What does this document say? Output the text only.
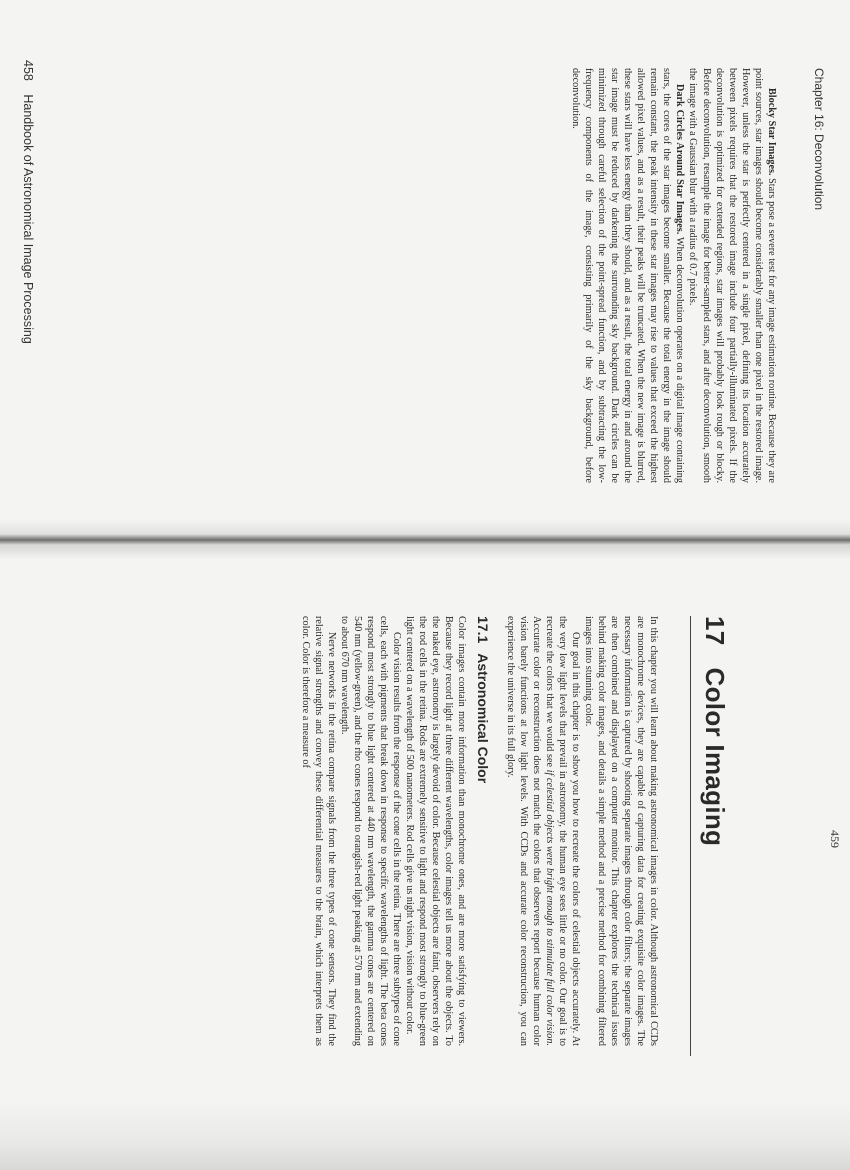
Chapter 16: Deconvolution

Blocky Star Images. Stars pose a severe test for any image estimation routine. Because they are point sources, star images should become considerably smaller than one pixel in the restored image. However, unless the star is perfectly centered in a single pixel, defining its location accurately between pixels requires that the restored image include four partially-illuminated pixels. If the deconvolution is optimized for extended regions, star images will probably look rough or blocky. Before deconvolution, resample the image for better-sampled stars, and after deconvolution, smooth the image with a Gaussian blur with a radius of 0.7 pixels.

Dark Circles Around Star Images. When deconvolution operates on a digital image containing stars, the cores of the star images become smaller. Because the total energy in the image should remain constant, the peak intensity in these star images may rise to values that exceed the highest allowed pixel values, and as a result, their peaks will be truncated. When the new image is blurred, these stars will have less energy than they should, and as a result, the total energy in and around the star image must be reduced by darkening the surrounding sky background. Dark circles can be minimized through careful selection of the point-spread function, and by subtracting the low-frequency components of the image, consisting primarily of the sky background, before deconvolution.

458 Handbook of Astronomical Image Processing
459
17Color Imaging

In this chapter you will learn about making astronomical images in color. Although astronomical CCDs are monochrome devices, they are capable of capturing data for creating exquisite color images. The necessary information is captured by shooting separate images through color filters; the separate images are then combined and displayed on a computer monitor. This chapter explores the technical issues behind making color images, and details a simple method and a precise method for combining filtered images into stunning color.

Our goal in this chapter is to show you how to recreate the colors of celestial objects accurately. At the very low light levels that prevail in astronomy, the human eye sees little or no color. Our goal is to recreate the colors that we would see if celestial objects were bright enough to stimulate full color vision. Accurate color or reconstruction does not match the colors that observers report because human color vision barely functions at low light levels. With CCDs and accurate color reconstruction, you can experience the universe in its full glory.

17.1Astronomical Color

Color images contain more information than monochrome ones, and are more satisfying to viewers. Because they record light at three different wavelengths, color images tell us more about the objects. To the naked eye, astronomy is largely devoid of color. Because celestial objects are faint, observers rely on the rod cells in the retina. Rods are extremely sensitive to light and respond most strongly to blue-green light centered on a wavelength of 500 nanometers. Rod cells give us night vision, vision without color.

Color vision results from the response of the cone cells in the retina. There are three subtypes of cone cells, each with pigments that break down in response to specific wavelengths of light. The beta cones respond most strongly to blue light centered at 440 nm wavelength, the gamma cones are centered on 540 nm (yellow-green), and the rho cones respond to orangish-red light peaking at 570 nm and extending to about 670 nm wavelength.

Nerve networks in the retina compare signals from the three types of cone sensors. They find the relative signal strengths and convey these differential measures to the brain, which interprets them as color. Color is therefore a measure of
